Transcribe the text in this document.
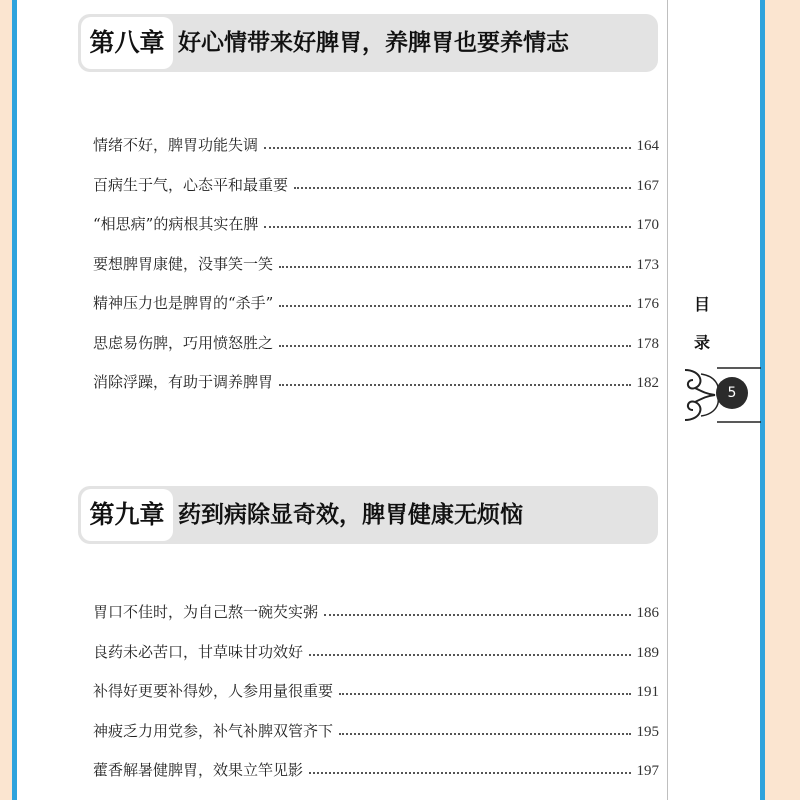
第八章 好心情带来好脾胃，养脾胃也要养情志
情绪不好，脾胃功能失调	164
百病生于气，心态平和最重要	167
“相思病”的病根其实在脾	170
要想脾胃康健，没事笑一笑	173
精神压力也是脾胃的“杀手”	176
思虑易伤脾，巧用愤怒胜之	178
消除浮躁，有助于调养脾胃	182
第九章 药到病除显奇效，脾胃健康无烦恼
胃口不佳时，为自己熬一碗芡实粥	186
良药未必苦口，甘草味甘功效好	189
补得好更要补得妙，人参用量很重要	191
神疲乏力用党参，补气补脾双管齐下	195
藿香解暑健脾胃，效果立竿见影	197
目
录
5
